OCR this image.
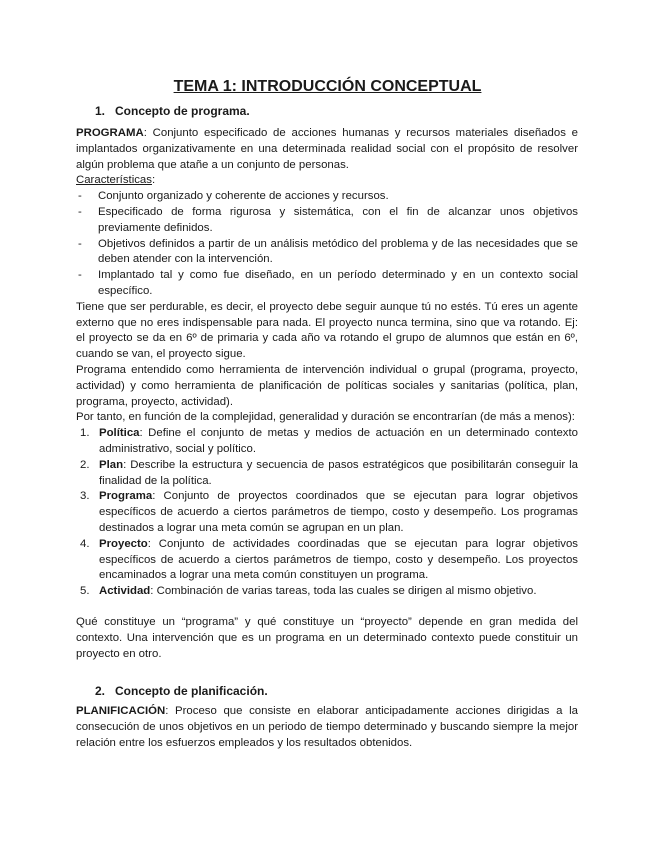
TEMA 1: INTRODUCCIÓN CONCEPTUAL
1. Concepto de programa.

PROGRAMA: Conjunto especificado de acciones humanas y recursos materiales diseñados e implantados organizativamente en una determinada realidad social con el propósito de resolver algún problema que atañe a un conjunto de personas.

Características:

- Conjunto organizado y coherente de acciones y recursos.
- Especificado de forma rigurosa y sistemática, con el fin de alcanzar unos objetivos previamente definidos.
- Objetivos definidos a partir de un análisis metódico del problema y de las necesidades que se deben atender con la intervención.
- Implantado tal y como fue diseñado, en un período determinado y en un contexto social específico.

Tiene que ser perdurable, es decir, el proyecto debe seguir aunque tú no estés. Tú eres un agente externo que no eres indispensable para nada. El proyecto nunca termina, sino que va rotando. Ej: el proyecto se da en 6º de primaria y cada año va rotando el grupo de alumnos que están en 6º, cuando se van, el proyecto sigue.

Programa entendido como herramienta de intervención individual o grupal (programa, proyecto, actividad) y como herramienta de planificación de políticas sociales y sanitarias (política, plan, programa, proyecto, actividad).

Por tanto, en función de la complejidad, generalidad y duración se encontrarían (de más a menos):

1. Política: Define el conjunto de metas y medios de actuación en un determinado contexto administrativo, social y político.
2. Plan: Describe la estructura y secuencia de pasos estratégicos que posibilitarán conseguir la finalidad de la política.
3. Programa: Conjunto de proyectos coordinados que se ejecutan para lograr objetivos específicos de acuerdo a ciertos parámetros de tiempo, costo y desempeño. Los programas destinados a lograr una meta común se agrupan en un plan.
4. Proyecto: Conjunto de actividades coordinadas que se ejecutan para lograr objetivos específicos de acuerdo a ciertos parámetros de tiempo, costo y desempeño. Los proyectos encaminados a lograr una meta común constituyen un programa.
5. Actividad: Combinación de varias tareas, toda las cuales se dirigen al mismo objetivo.

Qué constituye un “programa” y qué constituye un “proyecto” depende en gran medida del contexto. Una intervención que es un programa en un determinado contexto puede constituir un proyecto en otro.

2. Concepto de planificación.

PLANIFICACIÓN: Proceso que consiste en elaborar anticipadamente acciones dirigidas a la consecución de unos objetivos en un periodo de tiempo determinado y buscando siempre la mejor relación entre los esfuerzos empleados y los resultados obtenidos.
